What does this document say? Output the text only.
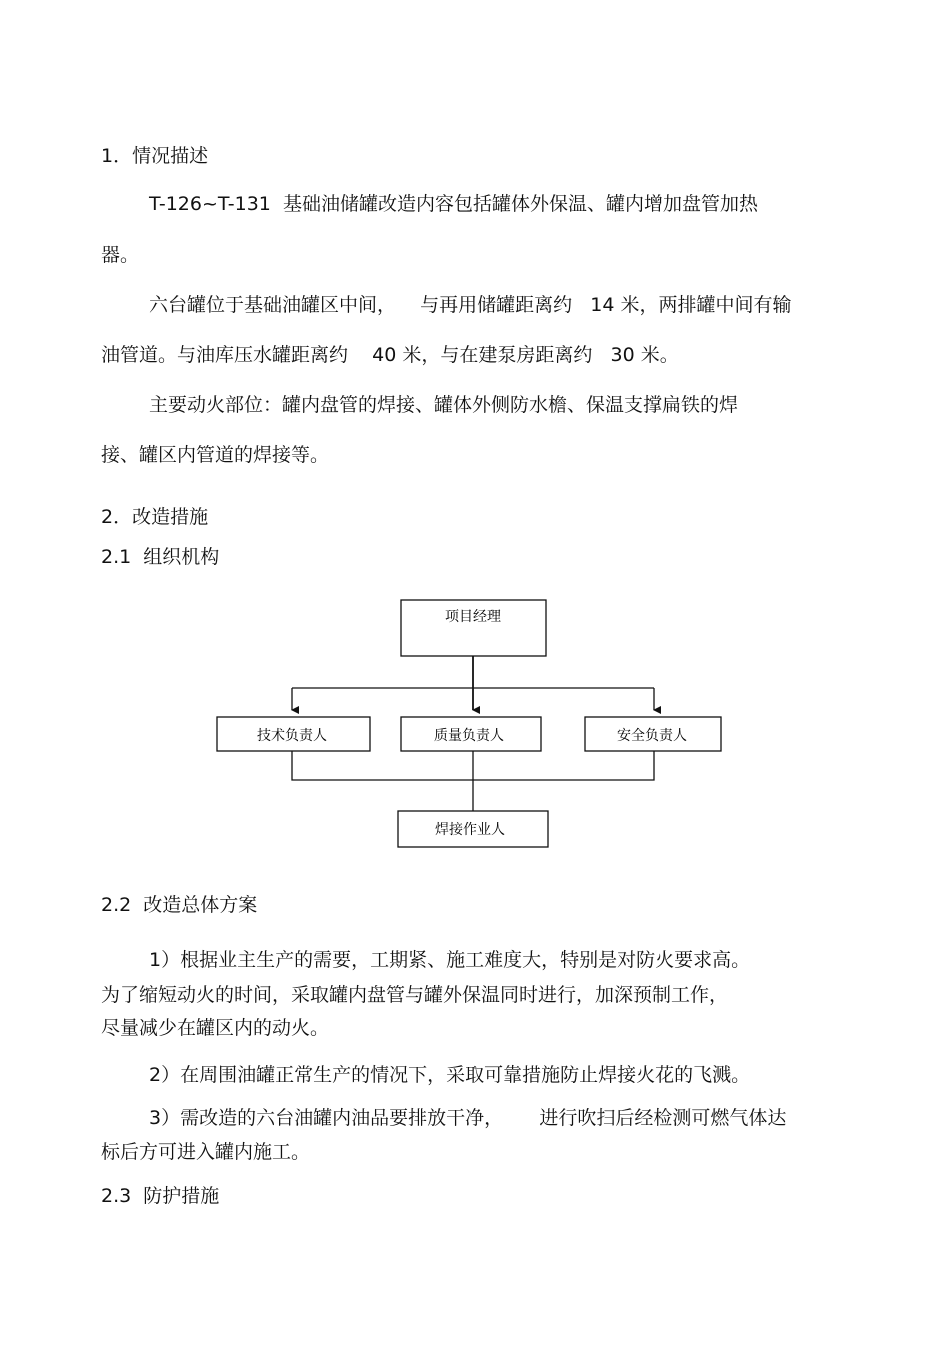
1．情况描述
T-126~T-131  基础油储罐改造内容包括罐体外保温、罐内增加盘管加热
器。
六台罐位于基础油罐区中间，    与再用储罐距离约   14 米，两排罐中间有输
油管道。与油库压水罐距离约    40 米，与在建泵房距离约   30 米。
主要动火部位：罐内盘管的焊接、罐体外侧防水檐、保温支撑扁铁的焊
接、罐区内管道的焊接等。
2．改造措施
2.1  组织机构
项目经理
技术负责人	质量负责人	安全负责人
焊接作业人
2.2  改造总体方案
1）根据业主生产的需要，工期紧、施工难度大，特别是对防火要求高。
为了缩短动火的时间，采取罐内盘管与罐外保温同时进行，加深预制工作，
尽量减少在罐区内的动火。
2）在周围油罐正常生产的情况下，采取可靠措施防止焊接火花的飞溅。
3）需改造的六台油罐内油品要排放干净，      进行吹扫后经检测可燃气体达
标后方可进入罐内施工。
2.3  防护措施
